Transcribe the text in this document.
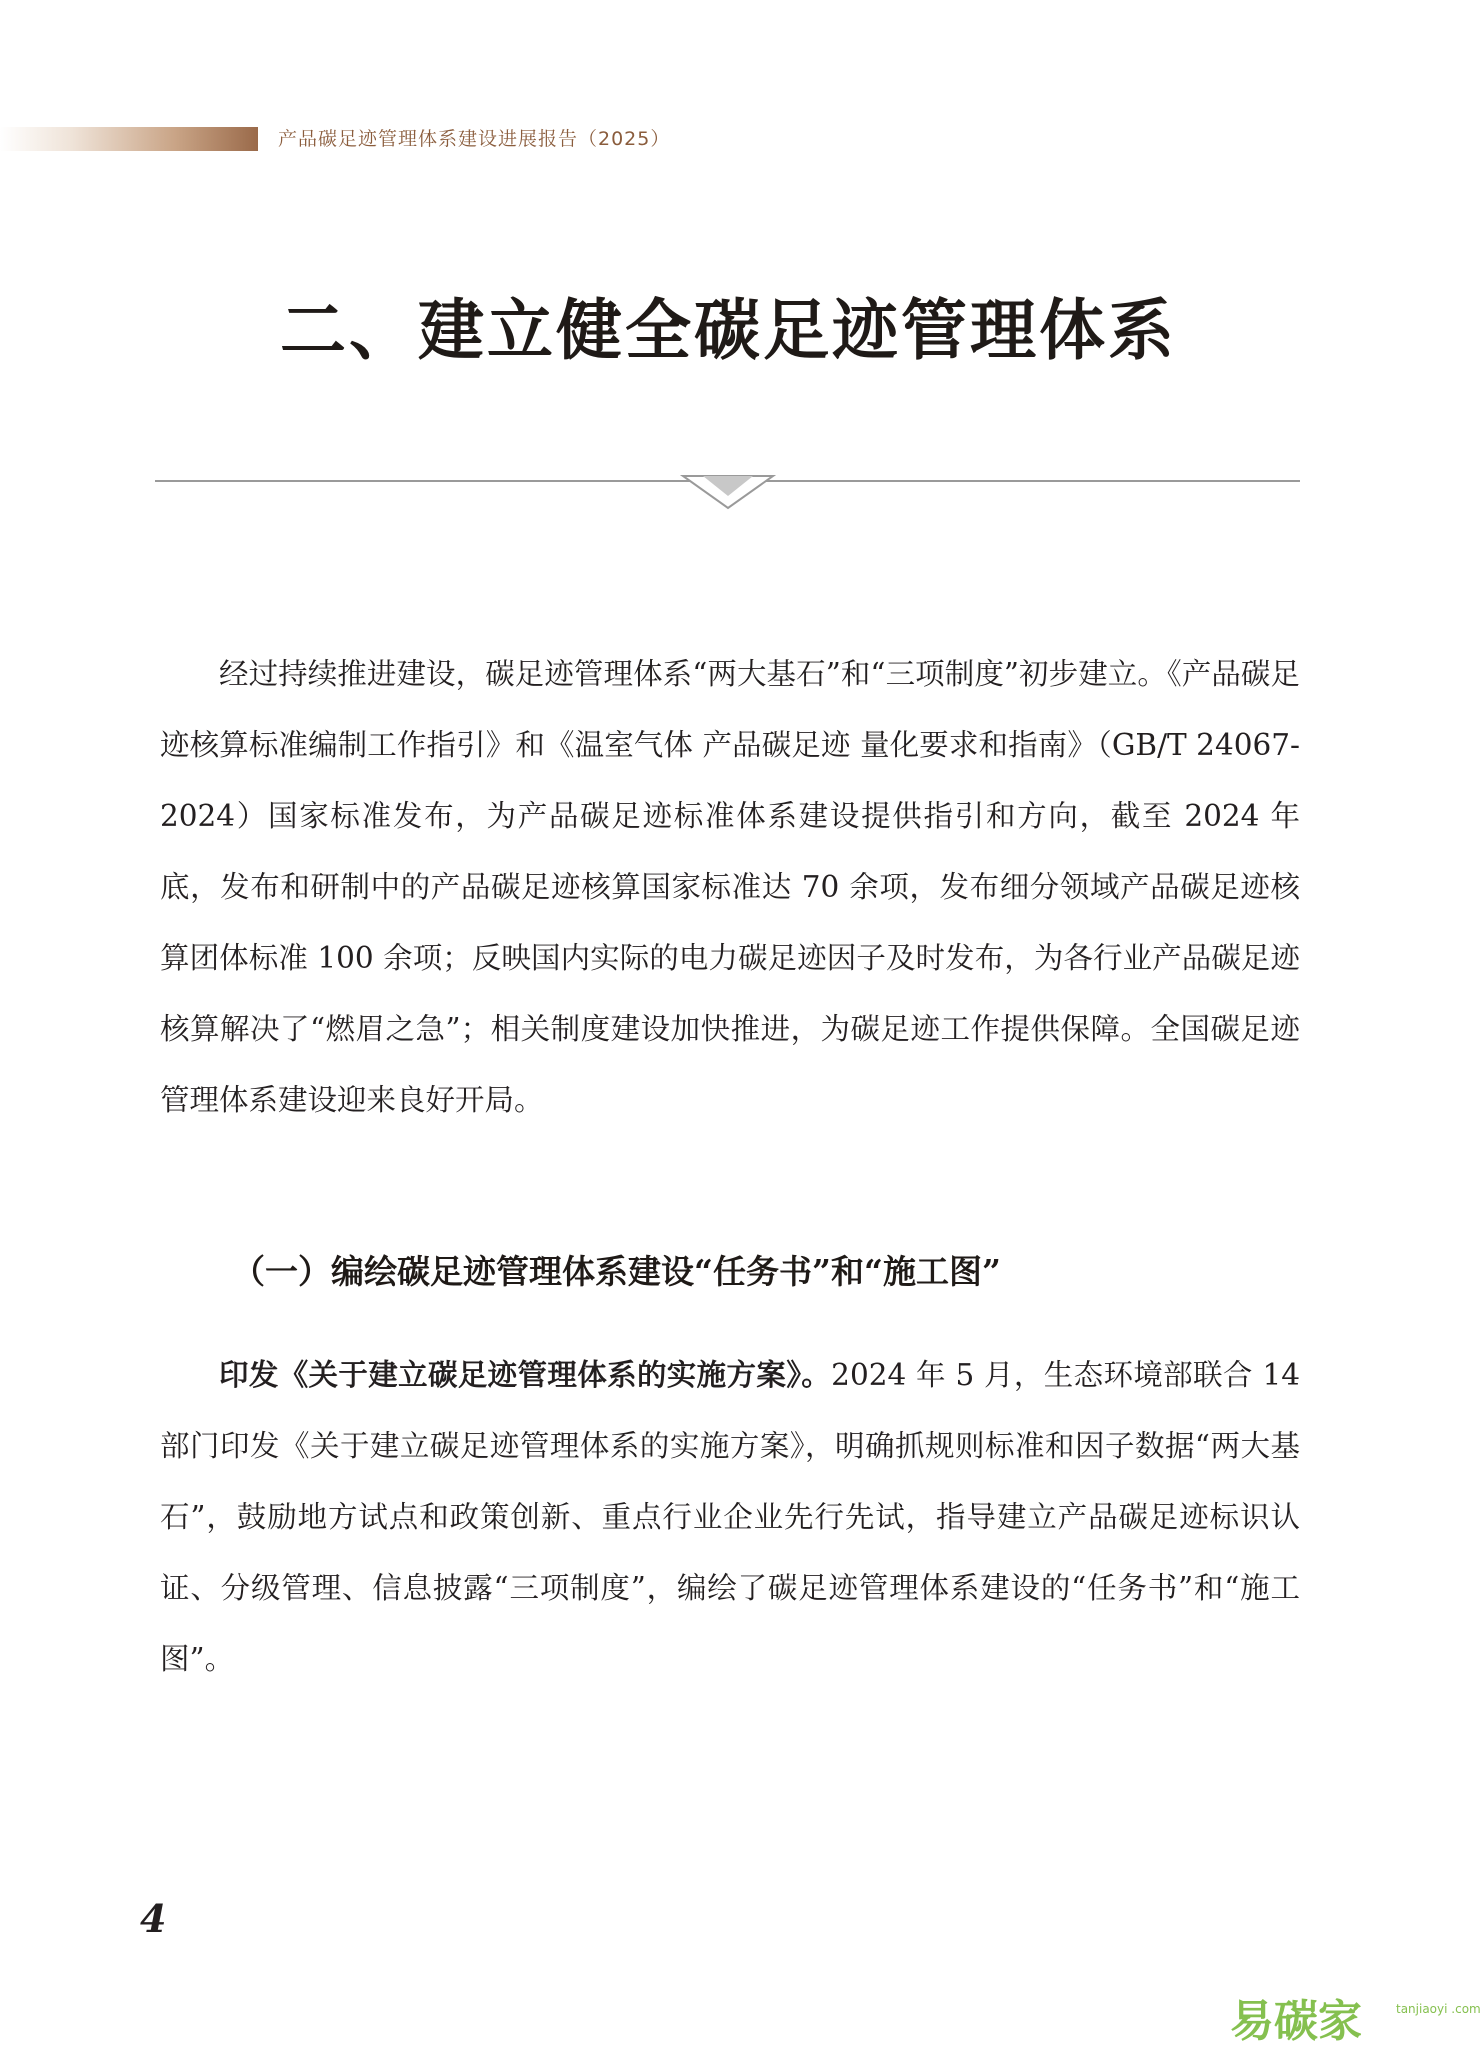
产品碳足迹管理体系建设进展报告（2025）
二、建立健全碳足迹管理体系

经过持续推进建设，碳足迹管理体系“两大基石”和“三项制度”初步建立。《产品碳足迹核算标准编制工作指引》和《温室气体 产品碳足迹 量化要求和指南》（GB/T 24067-2024）国家标准发布，为产品碳足迹标准体系建设提供指引和方向，截至 2024 年底，发布和研制中的产品碳足迹核算国家标准达 70 余项，发布细分领域产品碳足迹核算团体标准 100 余项；反映国内实际的电力碳足迹因子及时发布，为各行业产品碳足迹核算解决了“燃眉之急”；相关制度建设加快推进，为碳足迹工作提供保障。全国碳足迹管理体系建设迎来良好开局。

（一）编绘碳足迹管理体系建设“任务书”和“施工图”

印发《关于建立碳足迹管理体系的实施方案》。2024 年 5 月，生态环境部联合 14 部门印发《关于建立碳足迹管理体系的实施方案》，明确抓规则标准和因子数据“两大基石”，鼓励地方试点和政策创新、重点行业企业先行先试，指导建立产品碳足迹标识认证、分级管理、信息披露“三项制度”，编绘了碳足迹管理体系建设的“任务书”和“施工图”。

4
易碳家	tanjiaoyi .com
